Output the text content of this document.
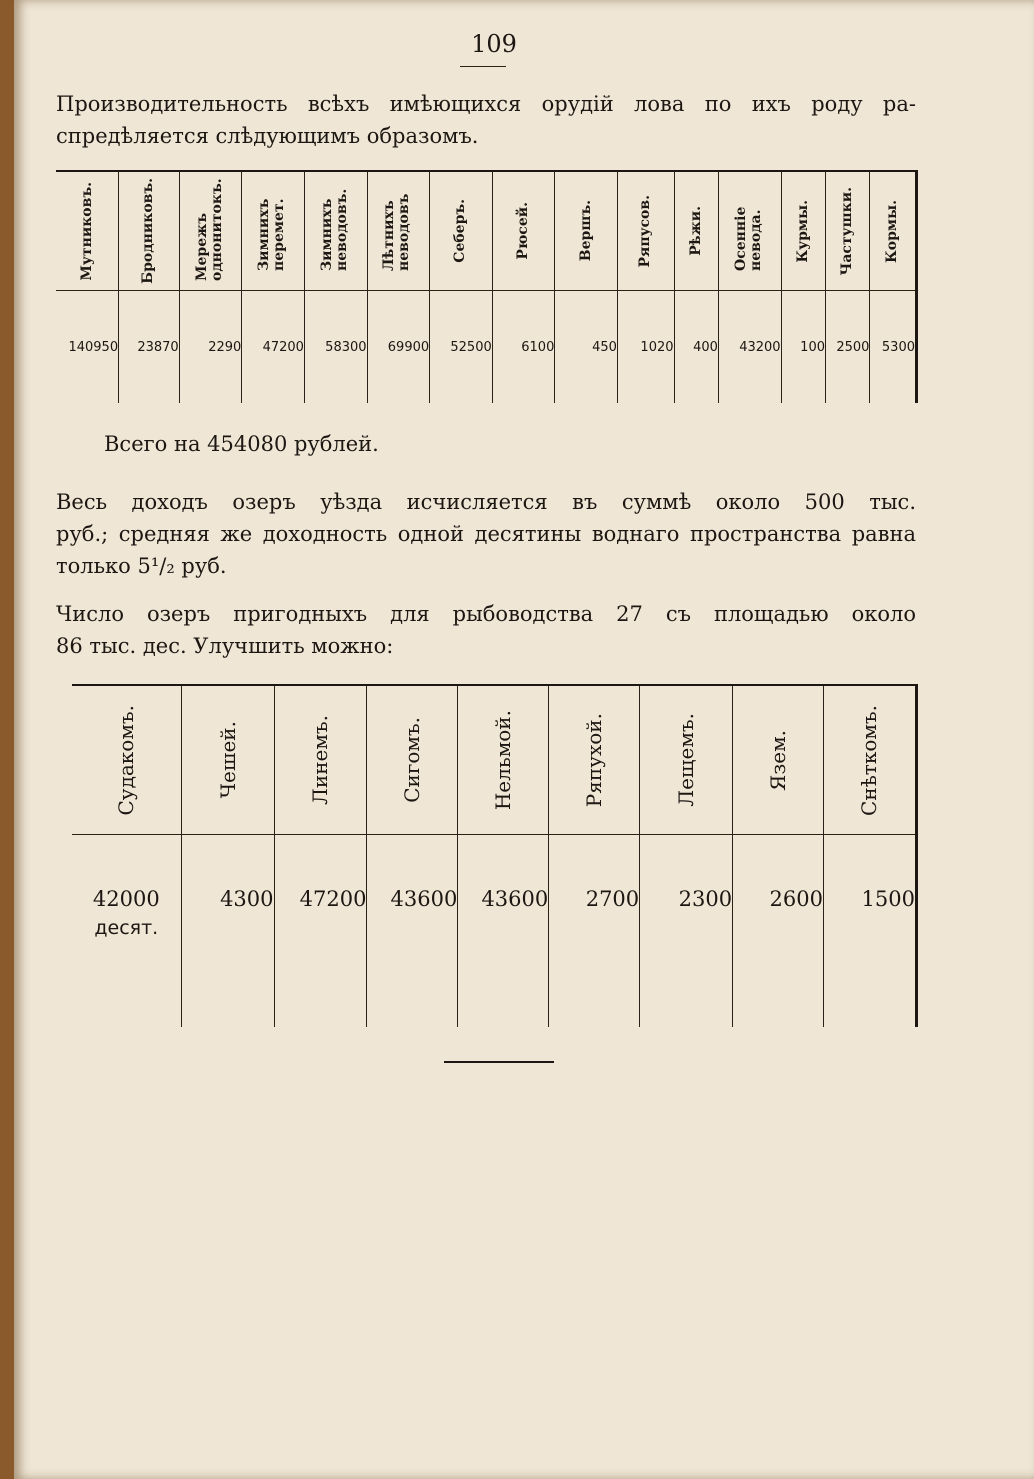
109

Производительность всѣхъ имѣющихся орудій лова по ихъ роду ра-
спредѣляется слѣдующимъ образомъ.

Мутниковъ.	Бродниковъ.	Мережъ однонитокъ.	Зимнихъ перемет.	Зимнихъ неводовъ.	Лѣтнихъ неводовъ	Себеръ.	Рюсей.	Вершъ.	Ряпусов.	Рѣжи.	Осенніе невода.	Курмы.	Частушки.	Кормы.

140950	23870	2290	47200	58300	69900	52500	6100	450	1020	400	43200	100	2500	5300

Всего на 454080 рублей.

Весь доходъ озеръ уѣзда исчисляется въ суммѣ около 500 тыс.
руб.; средняя же доходность одной десятины воднаго пространства равна
только 5¹/₂ руб.

Число озеръ пригодныхъ для рыбоводства 27 съ площадью около
86 тыс. дес. Улучшить можно:

Судакомъ.	Чешей.	Линемъ.	Сигомъ.	Нельмой.	Ряпухой.	Лещемъ.	Язем.	Снѣткомъ.

42000
десят.	4300	47200	43600	43600	2700	2300	2600	1500
